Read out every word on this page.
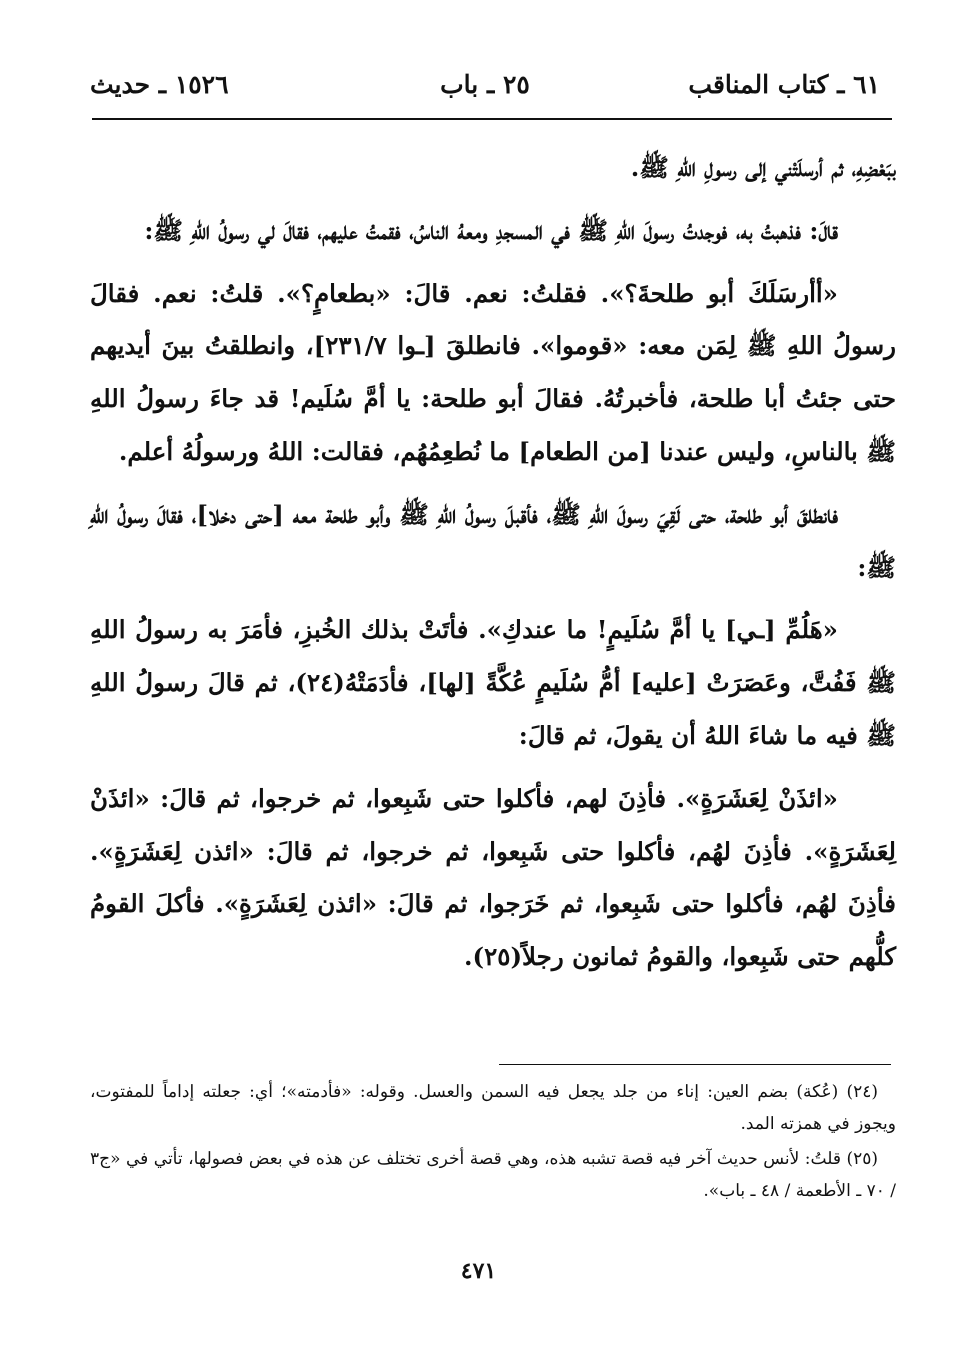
٦١ ـ كتاب المناقب
٢٥ ـ باب
١٥٢٦ ـ حديث

ببَعْضِهِ، ثم أرسلَتْني إلى رسولِ اللهِ ﷺ.

قالَ: فذهبتُ به، فوجدتُ رسولَ اللهِ ﷺ في المسجدِ ومعهُ الناسُ، فقمتُ عليهم، فقالَ لي رسولُ اللهِ ﷺ:

«أأرسَلَكَ أبو طلحةَ؟». فقلتُ: نعم. قالَ: «بطعامٍ؟». قلتُ: نعم. فقالَ رسولُ اللهِ ﷺ لِمَن معه: «قوموا». فانطلقَ [ـوا ٢٣١/٧]، وانطلقتُ بينَ أيديهم حتى جئتُ أبا طلحة، فأخبرتُهُ. فقالَ أبو طلحة: يا أمَّ سُلَيم! قد جاءَ رسولُ اللهِ ﷺ بالناسِ، وليس عندنا [من الطعام] ما نُطعِمُهُم، فقالت: اللهُ ورسولُهُ أعلم.

فانطلقَ أبو طلحة، حتى لَقِيَ رسولَ اللهِ ﷺ، فأقبلَ رسولُ اللهِ ﷺ وأبو طلحة معه [حتى دخلا]، فقالَ رسولُ اللهِ ﷺ:

«هَلُمِّ [ـي] يا أمَّ سُلَيمٍ! ما عندكِ». فأتَتْ بذلك الخُبزِ، فأمَرَ به رسولُ اللهِ ﷺ فَفُتَّ، وعَصَرَتْ [عليه] أمُّ سُلَيمٍ عُكَّةً [لها]، فأدَمَتْهُ(٢٤)، ثم قالَ رسولُ اللهِ ﷺ فيه ما شاءَ اللهُ أن يقولَ، ثم قالَ:

«ائذَنْ لِعَشَرَةٍ». فأذِنَ لهم، فأكلوا حتى شَبِعوا، ثم خرجوا، ثم قالَ: «ائذَنْ لِعَشَرَةٍ». فأذِنَ لهُم، فأكلوا حتى شَبِعوا، ثم خرجوا، ثم قالَ: «ائذن لِعَشَرَةٍ». فأذِنَ لهُم، فأكلوا حتى شَبِعوا، ثم خَرَجوا، ثم قالَ: «ائذن لِعَشَرَةٍ». فأكلَ القومُ كلُّهم حتى شَبِعوا، والقومُ ثمانون رجلاً(٢٥).

(٢٤) (عُكة) بضم العين: إناء من جلد يجعل فيه السمن والعسل. وقوله: «فأدمته»؛ أي: جعلته إداماً للمفتوت، ويجوز في همزته المد.

(٢٥) قلتُ: لأنس حديث آخر فيه قصة تشبه هذه، وهي قصة أخرى تختلف عن هذه في بعض فصولها، تأتي في «ج٣ / ٧٠ ـ الأطعمة / ٤٨ ـ باب».

٤٧١
